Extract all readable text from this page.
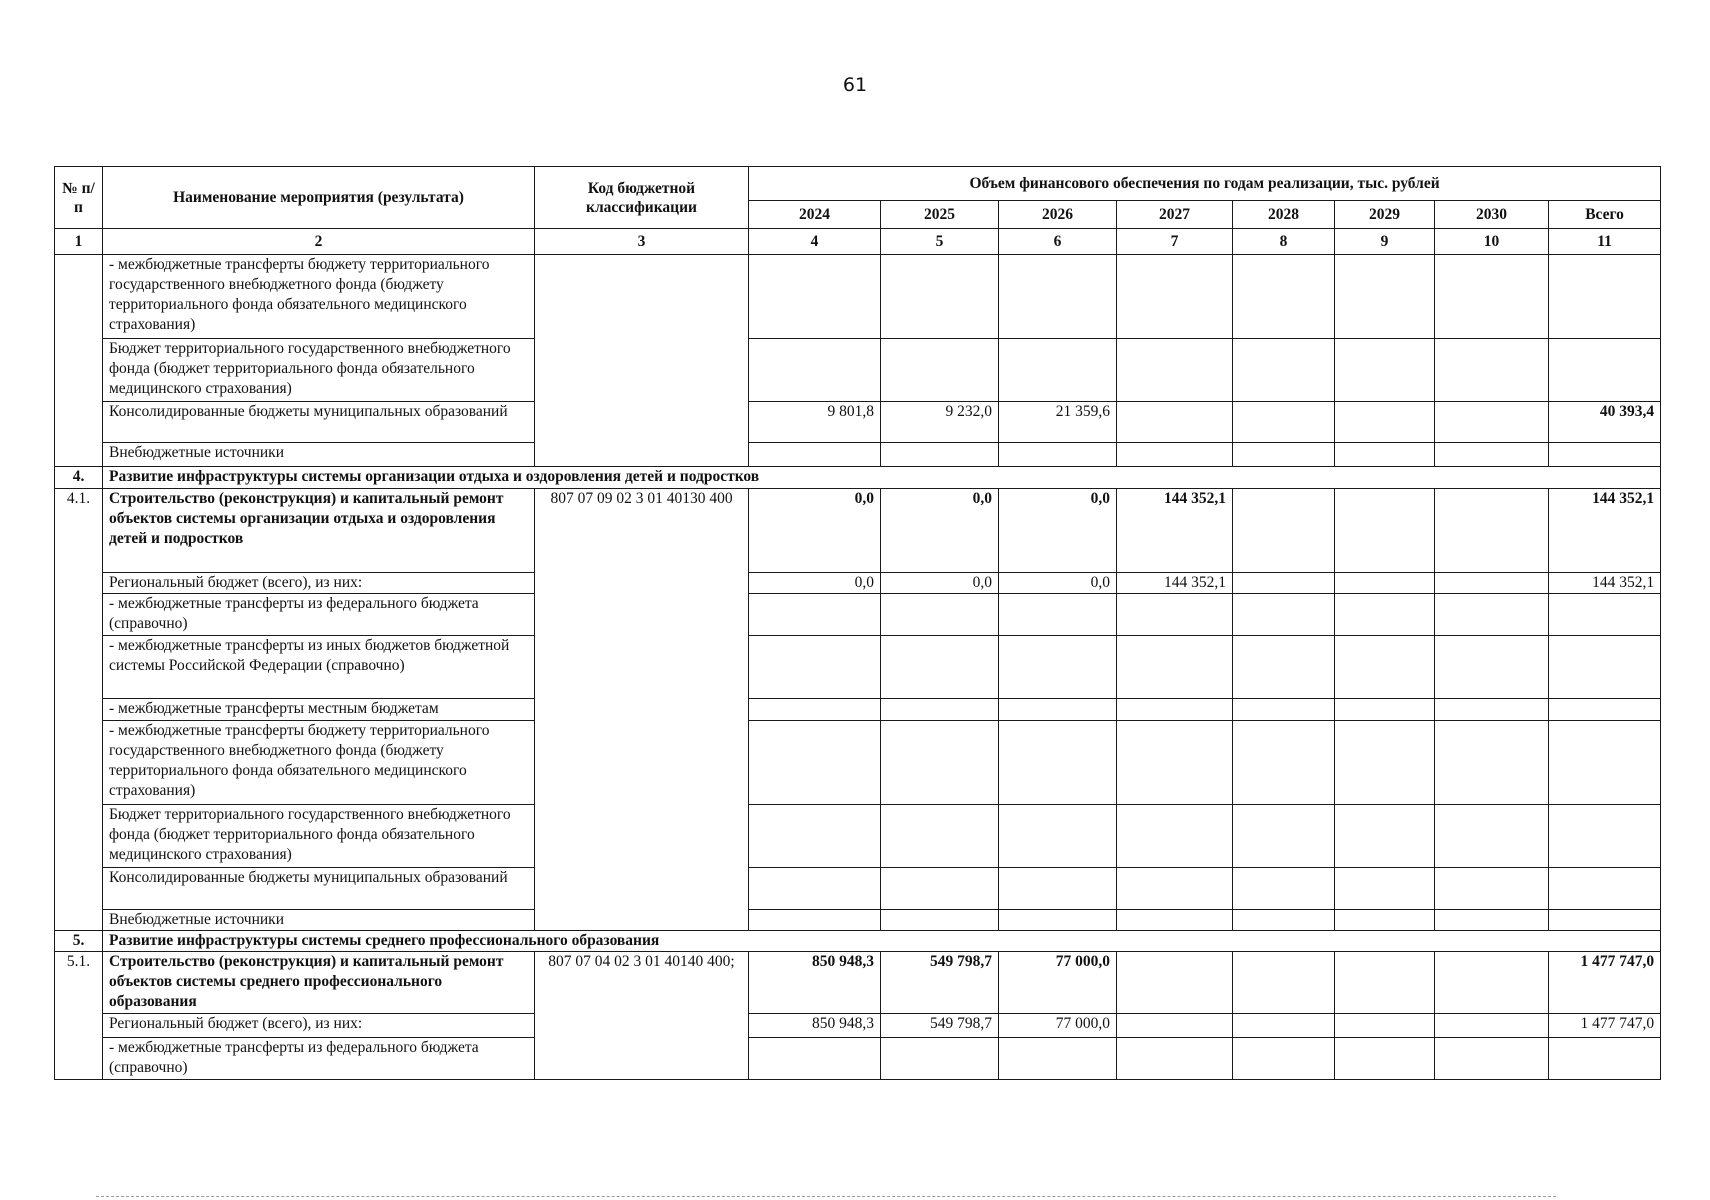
61
№ п/п	Наименование мероприятия (результата)	Код бюджетной классификации	Объем финансового обеспечения по годам реализации, тыс. рублей							
			2024	2025	2026	2027	2028	2029	2030	Всего
1	2	3	4	5	6	7	8	9	10	11
	- межбюджетные трансферты бюджету территориального государственного внебюджетного фонда (бюджету территориального фонда обязательного медицинского страхования)									
	Бюджет территориального государственного внебюджетного фонда (бюджет территориального фонда обязательного медицинского страхования)									
	Консолидированные бюджеты муниципальных образований		9 801,8	9 232,0	21 359,6					40 393,4
	Внебюджетные источники									
4.	Развитие инфраструктуры системы организации отдыха и оздоровления детей и подростков									
4.1.	Строительство (реконструкция) и капитальный ремонт объектов системы организации отдыха и оздоровления детей и подростков	807 07 09 02 3 01 40130 400	0,0	0,0	0,0	144 352,1				144 352,1
	Региональный бюджет (всего), из них:		0,0	0,0	0,0	144 352,1				144 352,1
	- межбюджетные трансферты из федерального бюджета (справочно)									
	- межбюджетные трансферты из иных бюджетов бюджетной системы Российской Федерации (справочно)									
	- межбюджетные трансферты местным бюджетам									
	- межбюджетные трансферты бюджету территориального государственного внебюджетного фонда (бюджету территориального фонда обязательного медицинского страхования)									
	Бюджет территориального государственного внебюджетного фонда (бюджет территориального фонда обязательного медицинского страхования)									
	Консолидированные бюджеты муниципальных образований									
	Внебюджетные источники									
5.	Развитие инфраструктуры системы среднего профессионального образования									
5.1.	Строительство (реконструкция) и капитальный ремонт объектов системы среднего профессионального образования	807 07 04 02 3 01 40140 400;	850 948,3	549 798,7	77 000,0					1 477 747,0
	Региональный бюджет (всего), из них:		850 948,3	549 798,7	77 000,0					1 477 747,0
	- межбюджетные трансферты из федерального бюджета (справочно)									
